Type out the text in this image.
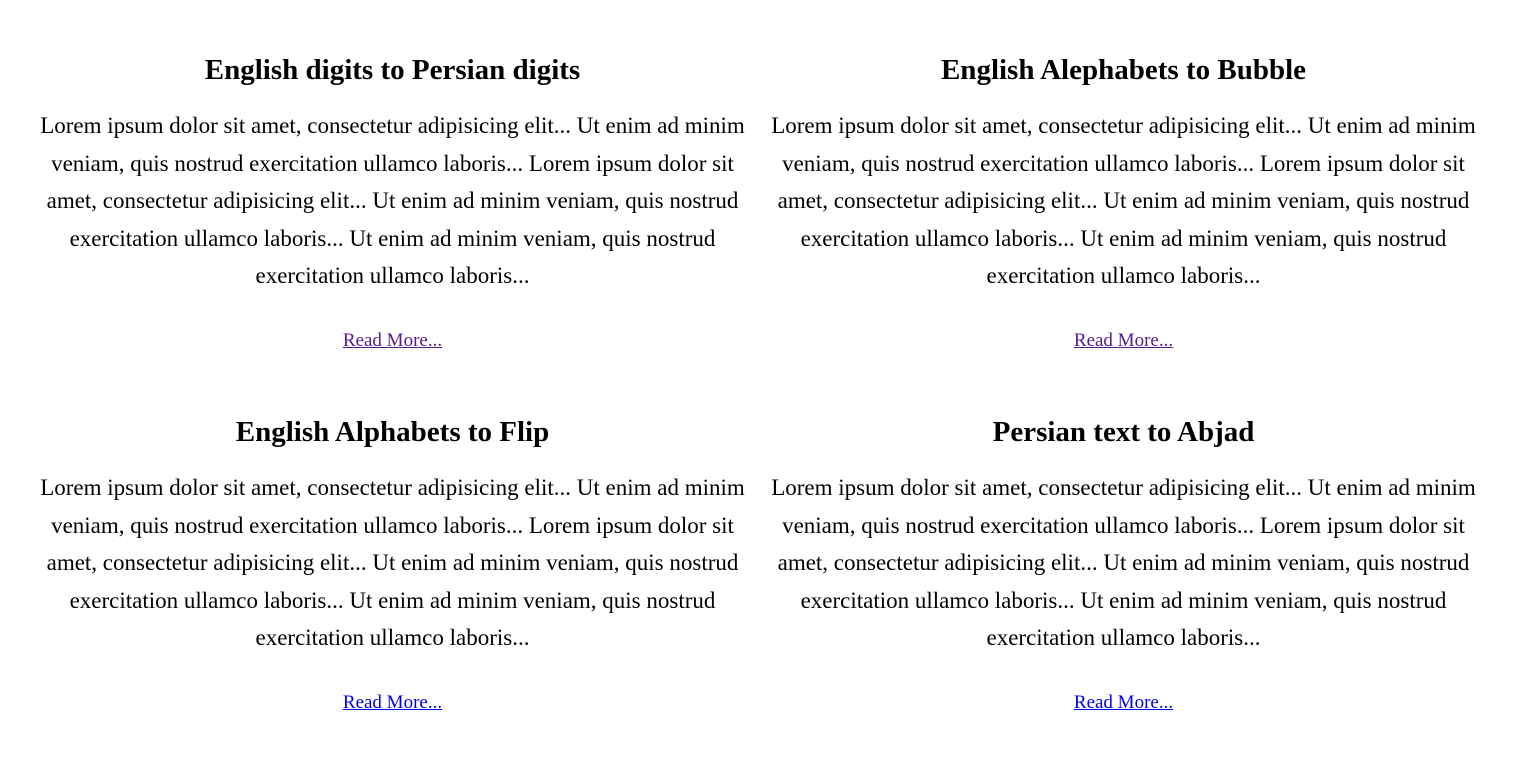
English digits to Persian digits

Lorem ipsum dolor sit amet, consectetur adipisicing elit... Ut enim ad minim veniam, quis nostrud exercitation ullamco laboris... Lorem ipsum dolor sit amet, consectetur adipisicing elit... Ut enim ad minim veniam, quis nostrud exercitation ullamco laboris... Ut enim ad minim veniam, quis nostrud exercitation ullamco laboris...

Read More...
English Alephabets to Bubble

Lorem ipsum dolor sit amet, consectetur adipisicing elit... Ut enim ad minim veniam, quis nostrud exercitation ullamco laboris... Lorem ipsum dolor sit amet, consectetur adipisicing elit... Ut enim ad minim veniam, quis nostrud exercitation ullamco laboris... Ut enim ad minim veniam, quis nostrud exercitation ullamco laboris...

Read More...
English Alphabets to Flip

Lorem ipsum dolor sit amet, consectetur adipisicing elit... Ut enim ad minim veniam, quis nostrud exercitation ullamco laboris... Lorem ipsum dolor sit amet, consectetur adipisicing elit... Ut enim ad minim veniam, quis nostrud exercitation ullamco laboris... Ut enim ad minim veniam, quis nostrud exercitation ullamco laboris...

Read More...
Persian text to Abjad

Lorem ipsum dolor sit amet, consectetur adipisicing elit... Ut enim ad minim veniam, quis nostrud exercitation ullamco laboris... Lorem ipsum dolor sit amet, consectetur adipisicing elit... Ut enim ad minim veniam, quis nostrud exercitation ullamco laboris... Ut enim ad minim veniam, quis nostrud exercitation ullamco laboris...

Read More...
